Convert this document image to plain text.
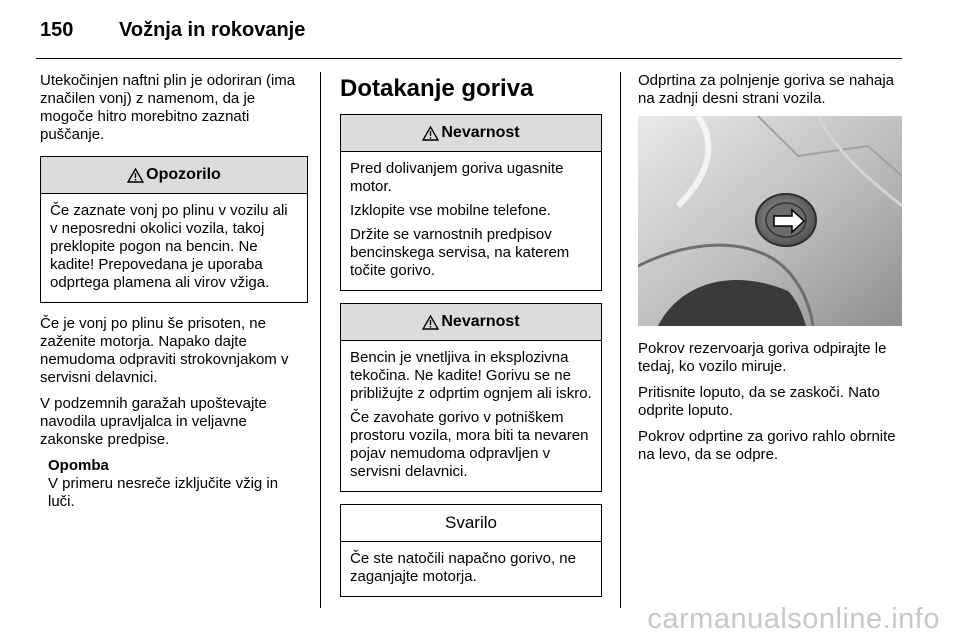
150 Vožnja in rokovanje

Utekočinjen naftni plin je odoriran (ima značilen vonj) z namenom, da je mogoče hitro morebitno zaznati puščanje.

Opozorilo

Če zaznate vonj po plinu v vozilu ali v neposredni okolici vozila, takoj preklopite pogon na bencin. Ne kadite! Prepovedana je uporaba odprtega plamena ali virov vžiga.

Če je vonj po plinu še prisoten, ne zaženite motorja. Napako dajte nemudoma odpraviti strokovnjakom v servisni delavnici.

V podzemnih garažah upoštevajte navodila upravljalca in veljavne zakonske predpise.

Opomba
V primeru nesreče izključite vžig in luči.
Dotakanje goriva
Nevarnost

Pred dolivanjem goriva ugasnite motor.

Izklopite vse mobilne telefone.

Držite se varnostnih predpisov bencinskega servisa, na katerem točite gorivo.

Nevarnost

Bencin je vnetljiva in eksplozivna tekočina. Ne kadite! Gorivu se ne približujte z odprtim ognjem ali iskro.

Če zavohate gorivo v potniškem prostoru vozila, mora biti ta nevaren pojav nemudoma odpravljen v servisni delavnici.

Svarilo

Če ste natočili napačno gorivo, ne zaganjajte motorja.

Odprtina za polnjenje goriva se nahaja na zadnji desni strani vozila.

Pokrov rezervoarja goriva odpirajte le tedaj, ko vozilo miruje.

Pritisnite loputo, da se zaskoči. Nato odprite loputo.

Pokrov odprtine za gorivo rahlo obrnite na levo, da se odpre.

carmanualsonline.info
